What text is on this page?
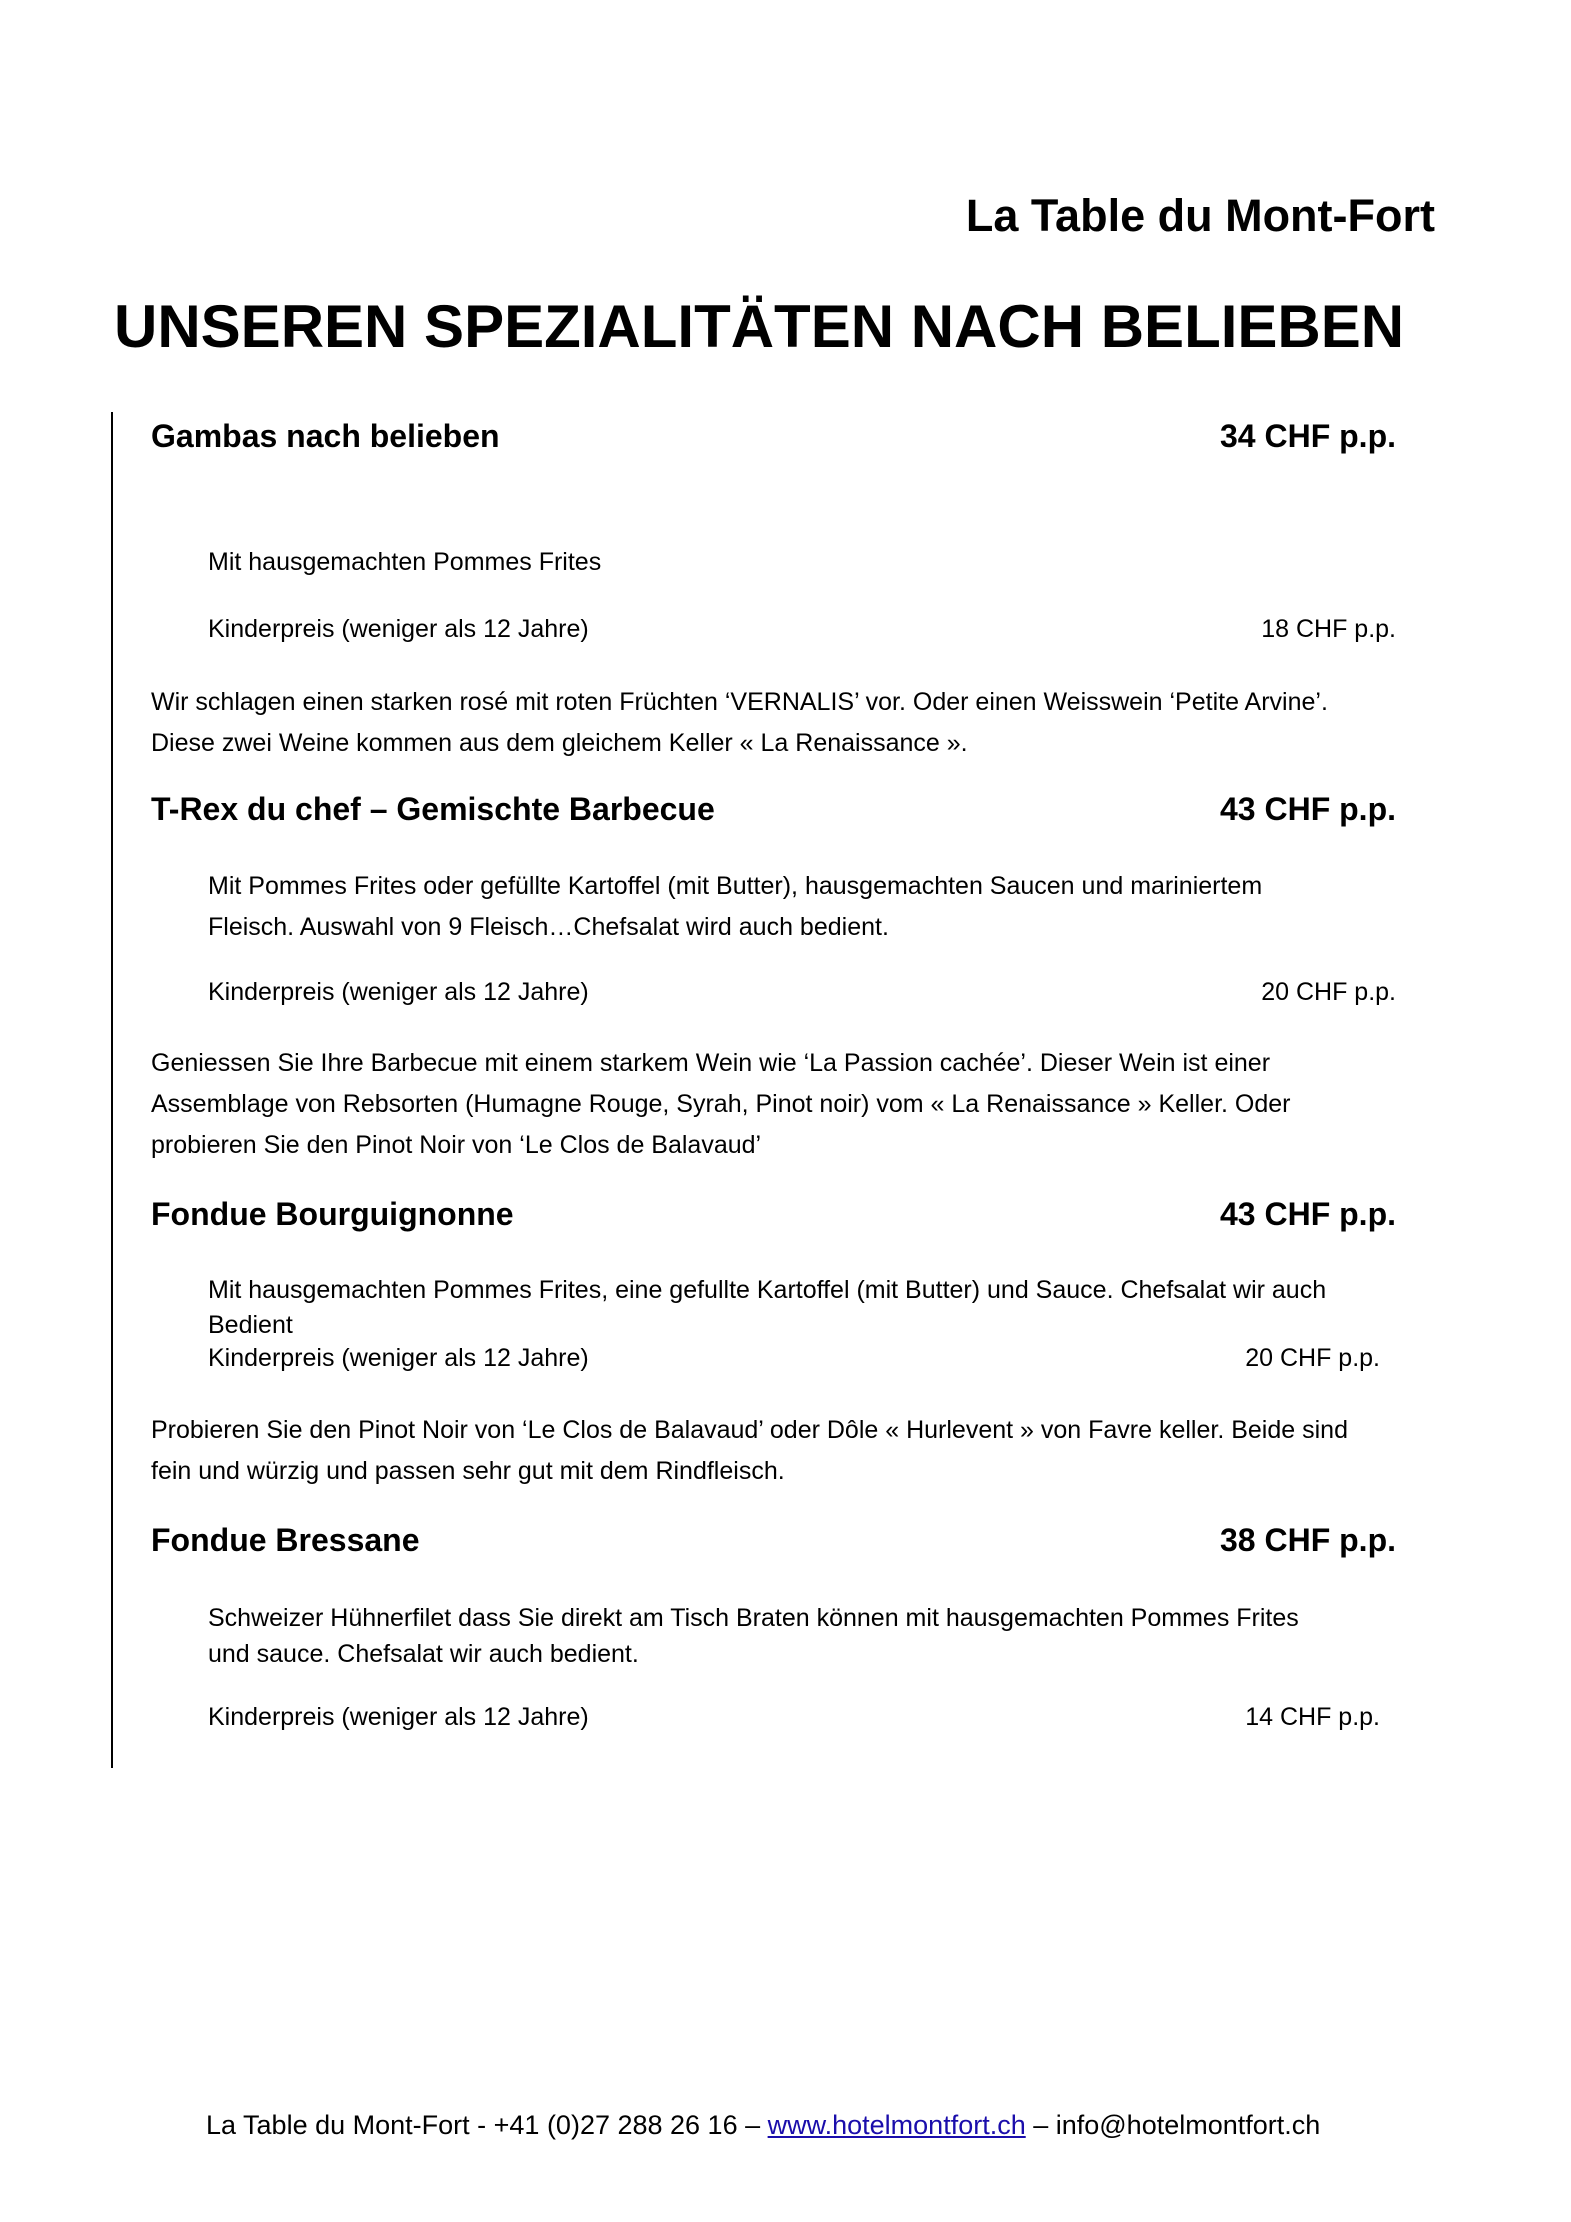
La Table du Mont-Fort
UNSEREN SPEZIALITÄTEN NACH BELIEBEN
Gambas nach belieben	34 CHF p.p.
Mit hausgemachten Pommes Frites
Kinderpreis (weniger als 12 Jahre)	18 CHF p.p.
Wir schlagen einen starken rosé mit roten Früchten ‘VERNALIS’ vor. Oder einen Weisswein ‘Petite Arvine’.
Diese zwei Weine kommen aus dem gleichem Keller « La Renaissance ».
T-Rex du chef – Gemischte Barbecue	43 CHF p.p.
Mit Pommes Frites oder gefüllte Kartoffel (mit Butter), hausgemachten Saucen und mariniertem
Fleisch. Auswahl von 9 Fleisch…Chefsalat wird auch bedient.
Kinderpreis (weniger als 12 Jahre)	20 CHF p.p.
Geniessen Sie Ihre Barbecue mit einem starkem Wein wie ‘La Passion cachée’. Dieser Wein ist einer
Assemblage von Rebsorten (Humagne Rouge, Syrah, Pinot noir) vom « La Renaissance » Keller. Oder
probieren Sie den Pinot Noir von ‘Le Clos de Balavaud’
Fondue Bourguignonne	43 CHF p.p.
Mit hausgemachten Pommes Frites, eine gefullte Kartoffel (mit Butter) und Sauce. Chefsalat wir auch
Bedient
Kinderpreis (weniger als 12 Jahre)	20 CHF p.p.
Probieren Sie den Pinot Noir von ‘Le Clos de Balavaud’ oder Dôle « Hurlevent » von Favre keller. Beide sind
fein und würzig und passen sehr gut mit dem Rindfleisch.
Fondue Bressane	38 CHF p.p.
Schweizer Hühnerfilet dass Sie direkt am Tisch Braten können mit hausgemachten Pommes Frites
und sauce. Chefsalat wir auch bedient.
Kinderpreis (weniger als 12 Jahre)	14 CHF p.p.
La Table du Mont-Fort - +41 (0)27 288 26 16 – www.hotelmontfort.ch – info@hotelmontfort.ch
